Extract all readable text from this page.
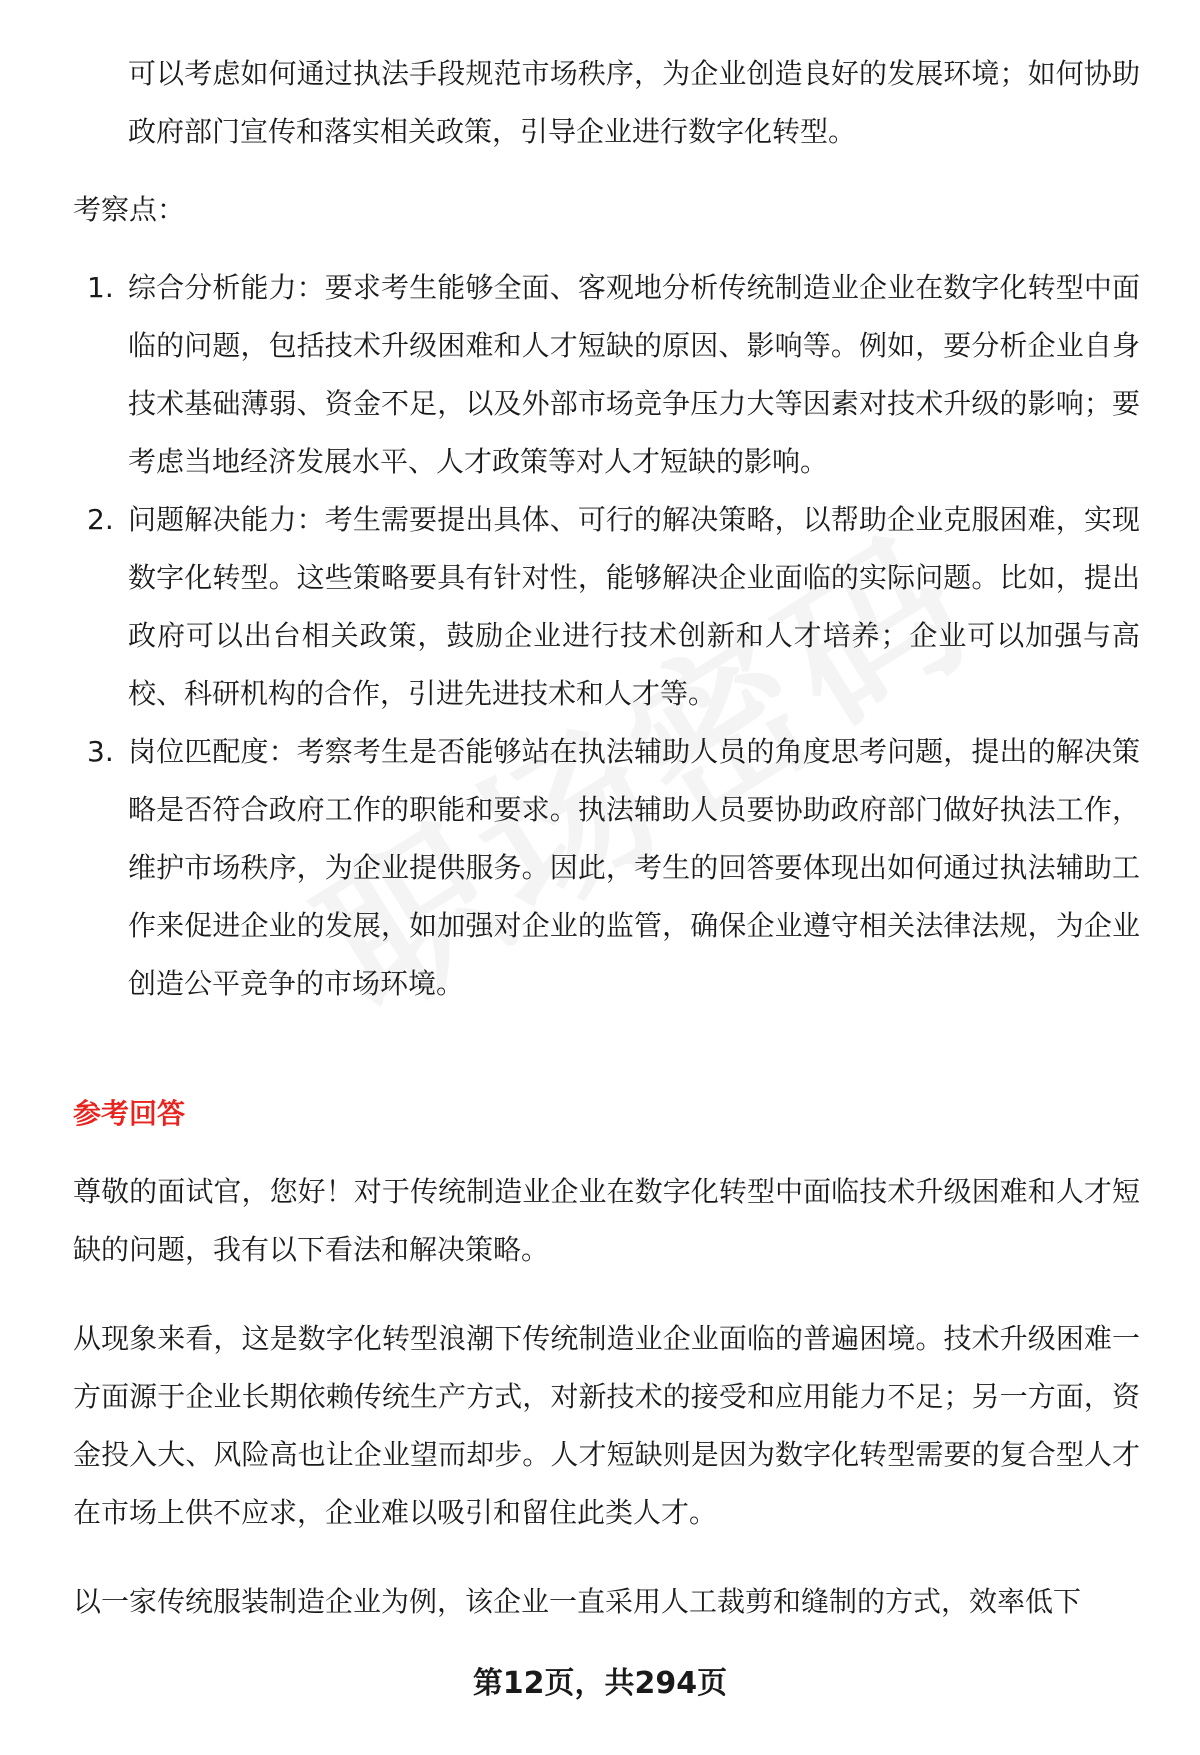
可以考虑如何通过执法手段规范市场秩序，为企业创造良好的发展环境；如何协助政府部门宣传和落实相关政策，引导企业进行数字化转型。

考察点：

1. 综合分析能力：要求考生能够全面、客观地分析传统制造业企业在数字化转型中面临的问题，包括技术升级困难和人才短缺的原因、影响等。例如，要分析企业自身技术基础薄弱、资金不足，以及外部市场竞争压力大等因素对技术升级的影响；要考虑当地经济发展水平、人才政策等对人才短缺的影响。
2. 问题解决能力：考生需要提出具体、可行的解决策略，以帮助企业克服困难，实现数字化转型。这些策略要具有针对性，能够解决企业面临的实际问题。比如，提出政府可以出台相关政策，鼓励企业进行技术创新和人才培养；企业可以加强与高校、科研机构的合作，引进先进技术和人才等。
3. 岗位匹配度：考察考生是否能够站在执法辅助人员的角度思考问题，提出的解决策略是否符合政府工作的职能和要求。执法辅助人员要协助政府部门做好执法工作，维护市场秩序，为企业提供服务。因此，考生的回答要体现出如何通过执法辅助工作来促进企业的发展，如加强对企业的监管，确保企业遵守相关法律法规，为企业创造公平竞争的市场环境。

参考回答

尊敬的面试官，您好！对于传统制造业企业在数字化转型中面临技术升级困难和人才短缺的问题，我有以下看法和解决策略。

从现象来看，这是数字化转型浪潮下传统制造业企业面临的普遍困境。技术升级困难一方面源于企业长期依赖传统生产方式，对新技术的接受和应用能力不足；另一方面，资金投入大、风险高也让企业望而却步。人才短缺则是因为数字化转型需要的复合型人才在市场上供不应求，企业难以吸引和留住此类人才。

以一家传统服装制造企业为例，该企业一直采用人工裁剪和缝制的方式，效率低下

第12页，共294页
